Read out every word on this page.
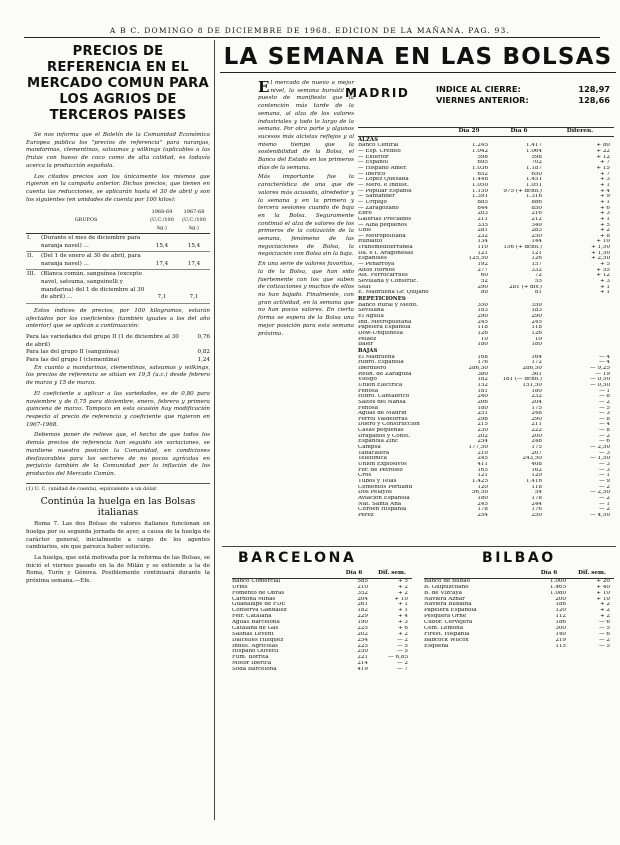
A B C. DOMINGO 8 DE DICIEMBRE DE 1968. EDICION DE LA MAÑANA. PAG. 93.
PRECIOS DE REFERENCIA EN EL MERCADO COMUN PARA LOS AGRIOS DE TERCEROS PAISES

Se nos informa que el Boletín de la Comunidad Económica Europea publica los "precios de referencia" para naranjas, mandarinas, clementinas, satsumas y wilkings (aplicables a las frutas con hueso de coco como de alta calidad, es todavía acerca la producción española.

Los citados precios son los únicamente los mismos que rigieron en la campaña anterior. Dichos precios, que tienen en cuenta las reducciones, se aplicarán hasta el 30 de abril y son los siguientes (en unidades de cuenta por 100 kilos):

GRUPOS		1968-69 (U.C./100 kg.)	1967-68 (U.C./100 kg.)
I.	(Durante el mes de diciembre para naranja navel) ...	15,4	15,4
II.	(Del 1 de enero al 30 de abril, para naranja navel) ...	17,4	17,4
III.	(Blanca común, sanguínea (excepto navel, satsuma, sanguinelli y mandarina) del 1 de diciembre al 30 de abril) ...	7,1	7,1

Estos índices de precios, por 100 kilogramos, estarán afectados por los coeficientes (también iguales a los del año anterior) que se aplican a continuación:

Para las variedades del grupo II (1 de diciembre al 30 de abril)
0,76
Para las del grupo II (sanguínea)	0,82
Para las del grupo I (clementina)	1,24

En cuanto a mandarinas, clementinas, satsumas y wilkings, los precios de referencia se sitúan en 19,5 (u.c.) desde febrero de marzo y 15 de marzo.

El coeficiente a aplicar a las variedades, es de 0,80 para noviembre y de 0,75 para diciembre, enero, febrero y primera quincena de marzo. Tampoco en esta ocasión hay modificación respecto al precio de referencia y coeficiente que rigieron en 1967-1968.

Debemos poner de relieve que, el hecho de que todos los demás precios de referencia han seguido sin variaciones, se mantiene nuestra posición la Comunidad, en condiciones desfavorables para los sectores de no pocos agrícolas en perjuicio también de la Comunidad por la inflación de los productos del Mercado Común.

(1) U. C. (unidad de cuenta), equivalente a un dólar.
Continúa la huelga en las Bolsas italianas

Roma 7. Las dos Bolsas de valores italianos funcionan en huelga por su segunda jornada de ayer, a causa de la huelga de carácter general, inicialmente a cargo de los agentes cambiarios, sin que parezca haber solución.

La huelga, que está motivada por la reforma de las Bolsas, se inició el viernes pasado en la de Milán y se extiende a la de Roma, Turín y Génova. Posiblemente continuará durante la próxima semana.—Efe.

LA SEMANA EN LAS BOLSAS

El mercado de nuevo a mejor nivel, la semana bursátil ha puesto de manifiesto que la contención más tarde de la semana, al alza de los valores industriales y todo lo largo de la semana. Por otra parte y algunos sucesos más alcistas reflejos y al mismo tiempo que la sostenibilidad de la Bolsa, el Banco del Estado en los primeros días de la semana.

Más importante fue la característica de una que de valores más acusada, alrededor y la semana y en la primera y tercera sesiones cuando de baja en la Bolsa. Seguramente continuó el alza de valores de los primeros de la cotización de la semana, fenómeno de las negociaciones de Bolsa, la negociación con Bolsa sin la baja.

En una serie de valores favoritos, la de la Bolsa, que han sido fuertemente con los que suben de cotizaciones y muchos de ellos no han bajado. Finalmente, con gran actividad, en la semana que no han pocos valores. En cierta forma se espera de la Bolsa una mejor posición para esta semana próxima.

MADRID	INDICE AL CIERRE:	128,97
VIERNES ANTERIOR:	128,66
	Día 29	Día 6	Diferen.
ALZAS			
Banco Central	1.245	1.417	+ 80
— Esp. Crédito	1.042	1.064	+ 22
— Exterior	598	598	+ 12
— Español	695	702	+ 7
— Hispano Amer.	1.036	1.187	+ 15
— Ibérico	652	650	+ 7
— López Quesada	1.448	1.451	+ 3
— Mero. e Indust.	1.050	1.051	+ 1
— Popular Español	1.150	975 (+ dcho.)	+ 4
— Santander	1.391	1.316	+ 9
— Urquijo	885	886	+ 1
— Zaragozano	844	850	+ 6
Ebro	203	216	+ 3
Galerías Preciados	211	212	+ 1
— Alba pequeños	335	340	+ 5
Ubis	281	283	+ 2
— Metropolitana	232	250	+ 8
Rubiatto	134	144	+ 10
Transmediterránea	110	156 (+ dcho.)	+ 1,50
Da. e I. Aragonesas	121	121	+ 1,50
Españoles	125,50	126	+ 2,50
— Peñarroya	192	157	+ 5
Altos Hornos	277	332	+ 55
Ast. Ferrocarriles	60	72	+ 12
Sevillana y Construc.	52	55	+ 3
Seat	290	281 (+ div.)	+ 1
E. Madrileña Gr. Quijano	80	81	+ 1
REPETICIONES			
Banco Rural y Medit.	350	350	
Sevillana	183	183	
El Águila	290	290	
Ind. Metropolitana	245	245	
Papelera Española	118	118	
Dow-Unquinesa	126	126	
Pelaez	10	10	
Baler	180	180	
BAJAS			
El Madrileña	168	164	— 4
Hidro. Española	176	172	— 4
Iberduero	286,50	286,50	— 9,25
Reun. de Zaragoza	380	361	— 19
Viesgo	182	181 (— dcho.)	— 0,50
Unión Eléctrica	152	151,50	— 0,50
Fenosa	181	180	— 1
Hidro. Cantábrico	240	232	— 8
Saltos del Nansa	206	204	— 2
Fenosa	180	175	— 5
Aguas de Madrid	251	248	— 3
Ferrol Valdeorras	298	290	— 8
Duero y Construcción	215	211	— 4
Casas pequeñas	230	222	— 8
Dragados y Const.	202	200	— 2
Española Zinc	254	248	— 6
Campsa	177,50	175	— 2,50
Tabacalera	210	207	— 3
Telefónica	245	243,50	— 1,50
Unión Explosivos	411	408	— 3
Fer. de Petróleo	165	162	— 3
Cros	121	120	— 1
Tubos y Telas	1.425	1.416	— 9
Cementos Portland	120	118	— 2
Dos Pelayos	56,50	54	— 2,50
Aviación Española	180	178	— 2
Nat. Santa Ana	245	244	— 1
Citroen Hispania	178	176	— 2
Perez	254	250	— 4,50
BARCELONA
	Día 6	Dif. sem.
Banco Comercial	585	+ 5
Urbis	210	+ 2
Fomento de Obras	352	+ 2
Cardona Minas	204	+ 10
Guadalupe de FDE	261	+ 1
Conserva Gandalez	182	+ 1
Feir. Catalana	229	+ 4
Aguas Barcelona	190	+ 3
Catalana de Gas	225	+ 6
Salinas Levent	202	+ 2
Dalcelles Hiliquez	254	— 2
Indus. Agrícolas	225	— 5
Hispano Olivetti	250	— 5
Fum. Borrita	221	— 6,85
Motor Ibérica	214	— 2
Soda Barcelona	419	— 7
BILBAO
	Día 6	Dif. sem.
Banco de Bilbao	1.000	+ 20
B. Guipuzcoano	1.465	+ 40
B. de Vizcaya	1.080	+ 10
Naviera Aznar	200	+ 10
Naviera Bilbaína	186	+ 2
Papelera Española	120	+ 2
Pesquera Orne	112	+ 2
Cubor. Cervejera	186	— 6
Cem. Lemona	300	— 5
Firest. Hispania	140	— 6
Babcock Wilcox	219	— 2
Esquena	115	— 5
